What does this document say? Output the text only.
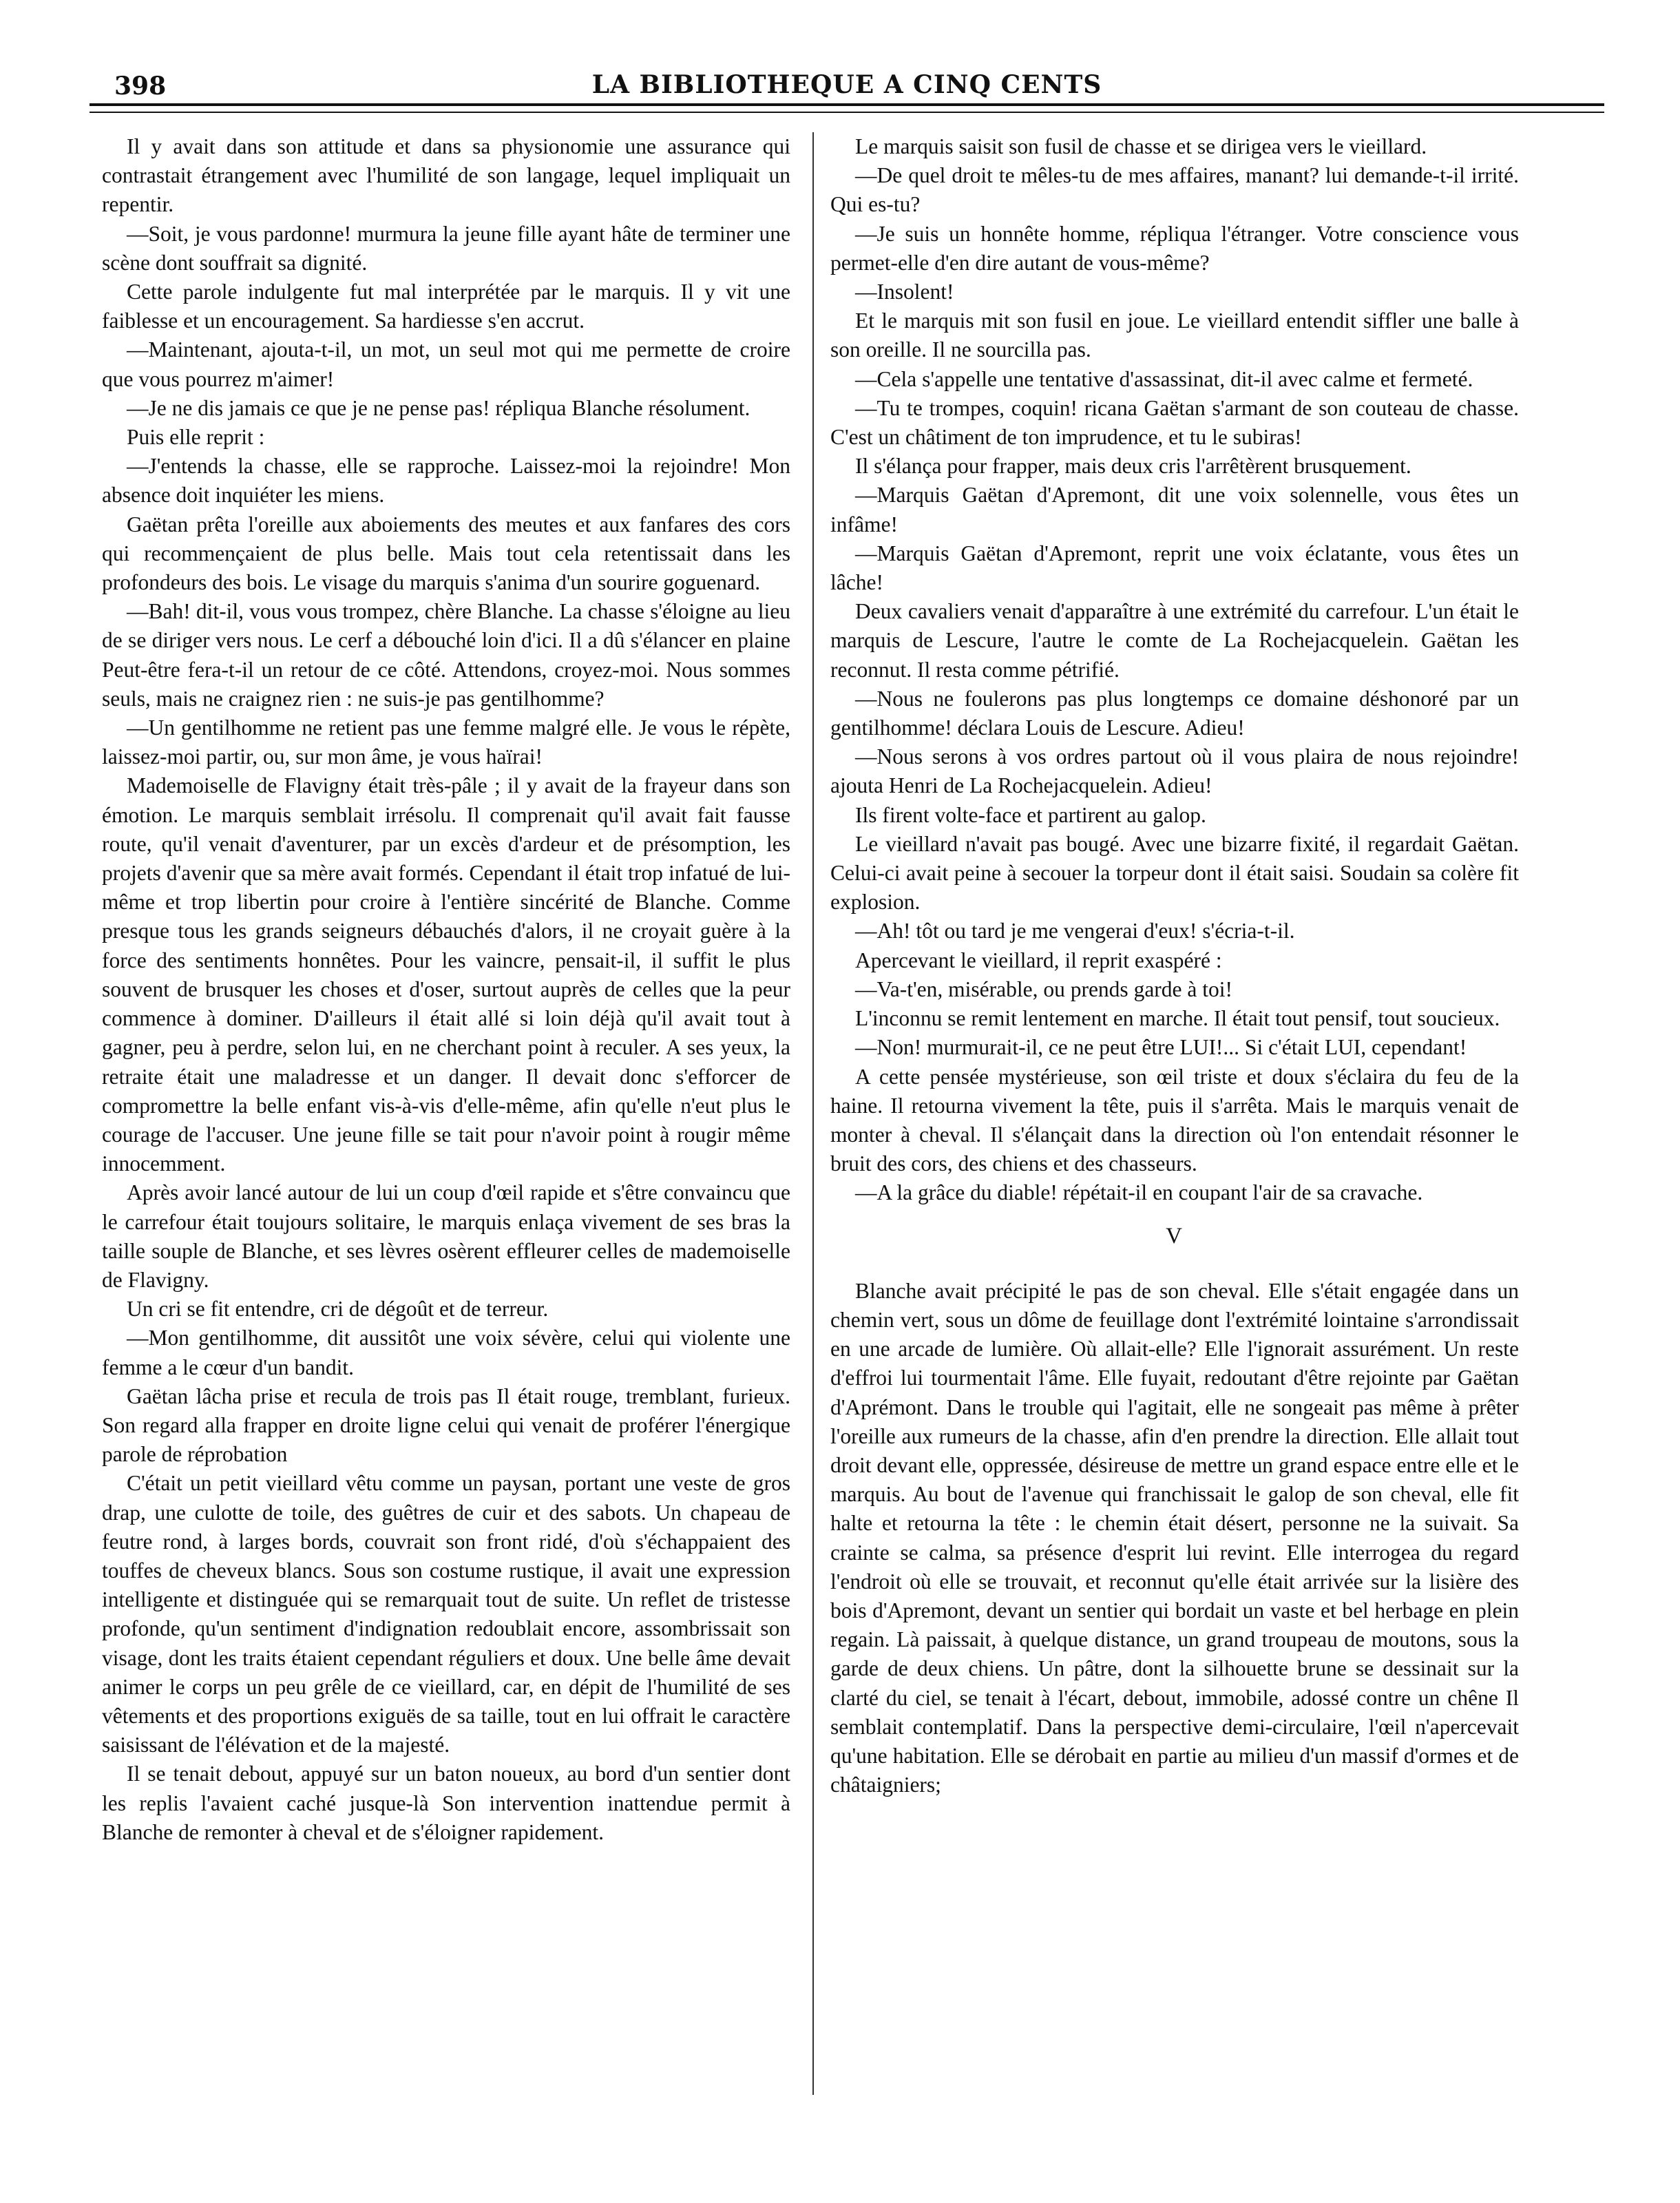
398	LA BIBLIOTHEQUE A CINQ CENTS

Il y avait dans son attitude et dans sa physionomie une assurance qui contrastait étrangement avec l'humilité de son langage, lequel impliquait un repentir.

—Soit, je vous pardonne! murmura la jeune fille ayant hâte de terminer une scène dont souffrait sa dignité.

Cette parole indulgente fut mal interprétée par le marquis. Il y vit une faiblesse et un encouragement. Sa hardiesse s'en accrut.

—Maintenant, ajouta-t-il, un mot, un seul mot qui me permette de croire que vous pourrez m'aimer!

—Je ne dis jamais ce que je ne pense pas! répliqua Blanche résolument.

Puis elle reprit :

—J'entends la chasse, elle se rapproche. Laissez-moi la rejoindre! Mon absence doit inquiéter les miens.

Gaëtan prêta l'oreille aux aboiements des meutes et aux fanfares des cors qui recommençaient de plus belle. Mais tout cela retentissait dans les profondeurs des bois. Le visage du marquis s'anima d'un sourire goguenard.

—Bah! dit-il, vous vous trompez, chère Blanche. La chasse s'éloigne au lieu de se diriger vers nous. Le cerf a débouché loin d'ici. Il a dû s'élancer en plaine Peut-être fera-t-il un retour de ce côté. Attendons, croyez-moi. Nous sommes seuls, mais ne craignez rien : ne suis-je pas gentilhomme?

—Un gentilhomme ne retient pas une femme malgré elle. Je vous le répète, laissez-moi partir, ou, sur mon âme, je vous haïrai!

Mademoiselle de Flavigny était très-pâle ; il y avait de la frayeur dans son émotion. Le marquis semblait irrésolu. Il comprenait qu'il avait fait fausse route, qu'il venait d'aventurer, par un excès d'ardeur et de présomption, les projets d'avenir que sa mère avait formés. Cependant il était trop infatué de lui-même et trop libertin pour croire à l'entière sincérité de Blanche. Comme presque tous les grands seigneurs débauchés d'alors, il ne croyait guère à la force des sentiments honnêtes. Pour les vaincre, pensait-il, il suffit le plus souvent de brusquer les choses et d'oser, surtout auprès de celles que la peur commence à dominer. D'ailleurs il était allé si loin déjà qu'il avait tout à gagner, peu à perdre, selon lui, en ne cherchant point à reculer. A ses yeux, la retraite était une maladresse et un danger. Il devait donc s'efforcer de compromettre la belle enfant vis-à-vis d'elle-même, afin qu'elle n'eut plus le courage de l'accuser. Une jeune fille se tait pour n'avoir point à rougir même innocemment.

Après avoir lancé autour de lui un coup d'œil rapide et s'être convaincu que le carrefour était toujours solitaire, le marquis enlaça vivement de ses bras la taille souple de Blanche, et ses lèvres osèrent effleurer celles de mademoiselle de Flavigny.

Un cri se fit entendre, cri de dégoût et de terreur.

—Mon gentilhomme, dit aussitôt une voix sévère, celui qui violente une femme a le cœur d'un bandit.

Gaëtan lâcha prise et recula de trois pas Il était rouge, tremblant, furieux. Son regard alla frapper en droite ligne celui qui venait de proférer l'énergique parole de réprobation

C'était un petit vieillard vêtu comme un paysan, portant une veste de gros drap, une culotte de toile, des guêtres de cuir et des sabots. Un chapeau de feutre rond, à larges bords, couvrait son front ridé, d'où s'échappaient des touffes de cheveux blancs. Sous son costume rustique, il avait une expression intelligente et distinguée qui se remarquait tout de suite. Un reflet de tristesse profonde, qu'un sentiment d'indignation redoublait encore, assombrissait son visage, dont les traits étaient cependant réguliers et doux. Une belle âme devait animer le corps un peu grêle de ce vieillard, car, en dépit de l'humilité de ses vêtements et des proportions exiguës de sa taille, tout en lui offrait le caractère saisissant de l'élévation et de la majesté.

Il se tenait debout, appuyé sur un baton noueux, au bord d'un sentier dont les replis l'avaient caché jusque-là Son intervention inattendue permit à Blanche de remonter à cheval et de s'éloigner rapidement.

Le marquis saisit son fusil de chasse et se dirigea vers le vieillard.

—De quel droit te mêles-tu de mes affaires, manant? lui demande-t-il irrité. Qui es-tu?

—Je suis un honnête homme, répliqua l'étranger. Votre conscience vous permet-elle d'en dire autant de vous-même?

—Insolent!

Et le marquis mit son fusil en joue. Le vieillard entendit siffler une balle à son oreille. Il ne sourcilla pas.

—Cela s'appelle une tentative d'assassinat, dit-il avec calme et fermeté.

—Tu te trompes, coquin! ricana Gaëtan s'armant de son couteau de chasse. C'est un châtiment de ton imprudence, et tu le subiras!

Il s'élança pour frapper, mais deux cris l'arrêtèrent brusquement.

—Marquis Gaëtan d'Apremont, dit une voix solennelle, vous êtes un infâme!

—Marquis Gaëtan d'Apremont, reprit une voix éclatante, vous êtes un lâche!

Deux cavaliers venait d'apparaître à une extrémité du carrefour. L'un était le marquis de Lescure, l'autre le comte de La Rochejacquelein. Gaëtan les reconnut. Il resta comme pétrifié.

—Nous ne foulerons pas plus longtemps ce domaine déshonoré par un gentilhomme! déclara Louis de Lescure. Adieu!

—Nous serons à vos ordres partout où il vous plaira de nous rejoindre! ajouta Henri de La Rochejacquelein. Adieu!

Ils firent volte-face et partirent au galop.

Le vieillard n'avait pas bougé. Avec une bizarre fixité, il regardait Gaëtan. Celui-ci avait peine à secouer la torpeur dont il était saisi. Soudain sa colère fit explosion.

—Ah! tôt ou tard je me vengerai d'eux! s'écria-t-il.

Apercevant le vieillard, il reprit exaspéré :

—Va-t'en, misérable, ou prends garde à toi!

L'inconnu se remit lentement en marche. Il était tout pensif, tout soucieux.

—Non! murmurait-il, ce ne peut être LUI!... Si c'était LUI, cependant!

A cette pensée mystérieuse, son œil triste et doux s'éclaira du feu de la haine. Il retourna vivement la tête, puis il s'arrêta. Mais le marquis venait de monter à cheval. Il s'élançait dans la direction où l'on entendait résonner le bruit des cors, des chiens et des chasseurs.

—A la grâce du diable! répétait-il en coupant l'air de sa cravache.

V

Blanche avait précipité le pas de son cheval. Elle s'était engagée dans un chemin vert, sous un dôme de feuillage dont l'extrémité lointaine s'arrondissait en une arcade de lumière. Où allait-elle? Elle l'ignorait assurément. Un reste d'effroi lui tourmentait l'âme. Elle fuyait, redoutant d'être rejointe par Gaëtan d'Aprémont. Dans le trouble qui l'agitait, elle ne songeait pas même à prêter l'oreille aux rumeurs de la chasse, afin d'en prendre la direction. Elle allait tout droit devant elle, oppressée, désireuse de mettre un grand espace entre elle et le marquis. Au bout de l'avenue qui franchissait le galop de son cheval, elle fit halte et retourna la tête : le chemin était désert, personne ne la suivait. Sa crainte se calma, sa présence d'esprit lui revint. Elle interrogea du regard l'endroit où elle se trouvait, et reconnut qu'elle était arrivée sur la lisière des bois d'Apremont, devant un sentier qui bordait un vaste et bel herbage en plein regain. Là paissait, à quelque distance, un grand troupeau de moutons, sous la garde de deux chiens. Un pâtre, dont la silhouette brune se dessinait sur la clarté du ciel, se tenait à l'écart, debout, immobile, adossé contre un chêne Il semblait contemplatif. Dans la perspective demi-circulaire, l'œil n'apercevait qu'une habitation. Elle se dérobait en partie au milieu d'un massif d'ormes et de châtaigniers;
